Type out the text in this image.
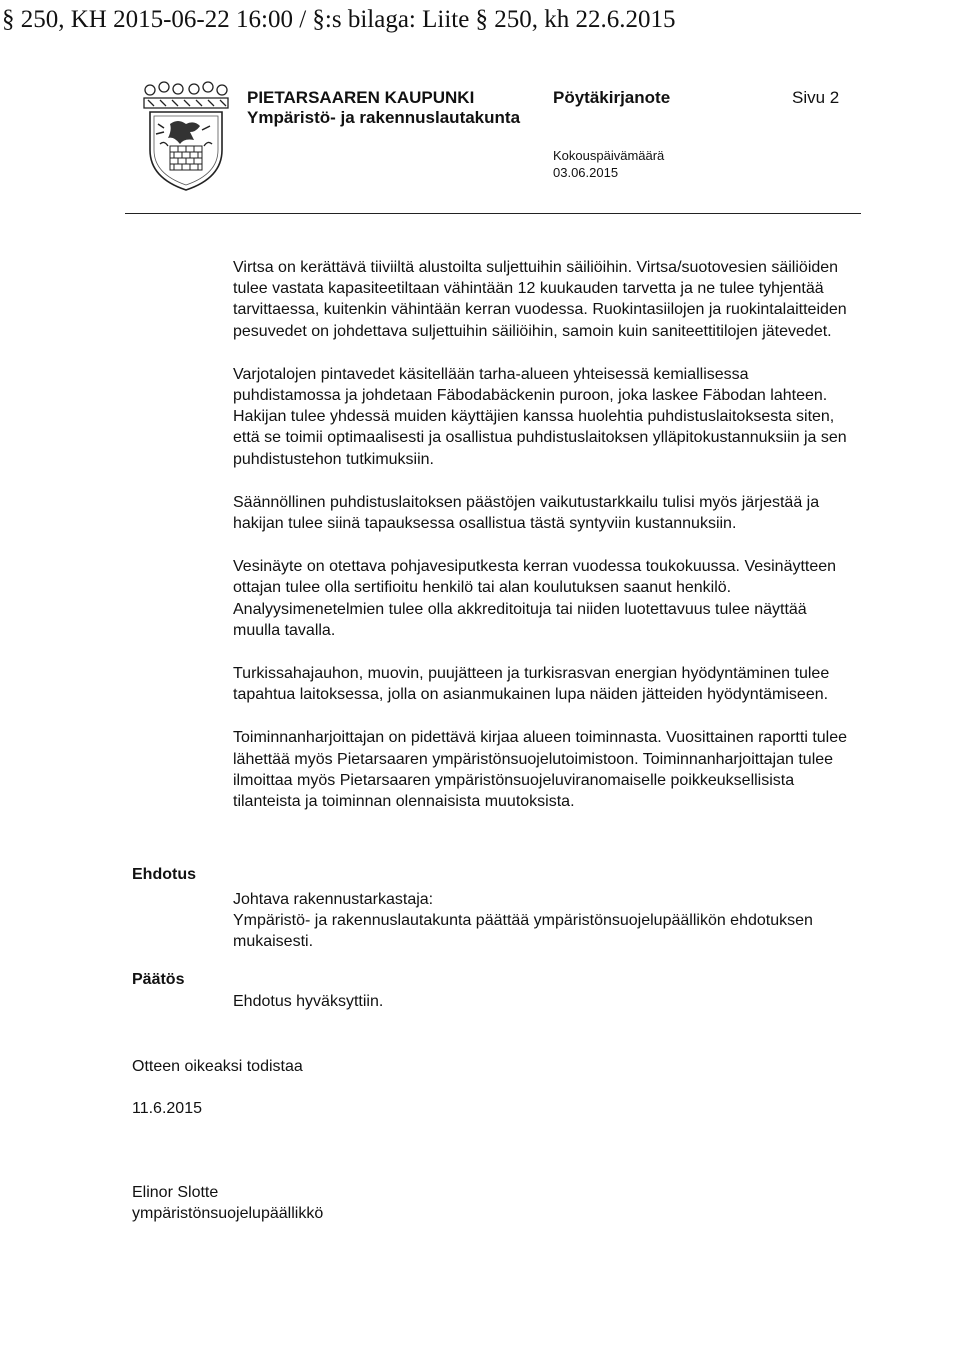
§ 250, KH 2015-06-22 16:00 / §:s bilaga: Liite § 250, kh 22.6.2015
PIETARSAAREN KAUPUNKI
Ympäristö- ja rakennuslautakunta
Pöytäkirjanote	Sivu 2
Kokouspäivämäärä
03.06.2015

Virtsa on kerättävä tiiviiltä alustoilta suljettuihin säiliöihin. Virtsa/suotovesien säiliöiden tulee vastata kapasiteetiltaan vähintään 12 kuukauden tarvetta ja ne tulee tyhjentää tarvittaessa, kuitenkin vähintään kerran vuodessa. Ruokintasiilojen ja ruokintalaitteiden pesuvedet on johdettava suljettuihin säiliöihin, samoin kuin saniteettitilojen jätevedet.

Varjotalojen pintavedet käsitellään tarha-alueen yhteisessä kemiallisessa puhdistamossa ja johdetaan Fäbodabäckenin puroon, joka laskee Fäbodan lahteen. Hakijan tulee yhdessä muiden käyttäjien kanssa huolehtia puhdistuslaitoksesta siten, että se toimii optimaalisesti ja osallistua puhdistuslaitoksen ylläpitokustannuksiin ja sen puhdistustehon tutkimuksiin.

Säännöllinen puhdistuslaitoksen päästöjen vaikutustarkkailu tulisi myös järjestää ja hakijan tulee siinä tapauksessa osallistua tästä syntyviin kustannuksiin.

Vesinäyte on otettava pohjavesiputkesta kerran vuodessa toukokuussa. Vesinäytteen ottajan tulee olla sertifioitu henkilö tai alan koulutuksen saanut henkilö. Analyysimenetelmien tulee olla akkreditoituja tai niiden luotettavuus tulee näyttää muulla tavalla.

Turkissahajauhon, muovin, puujätteen ja turkisrasvan energian hyödyntäminen tulee tapahtua laitoksessa, jolla on asianmukainen lupa näiden jätteiden hyödyntämiseen.

Toiminnanharjoittajan on pidettävä kirjaa alueen toiminnasta. Vuosittainen raportti tulee lähettää myös Pietarsaaren ympäristönsuojelutoimistoon. Toiminnanharjoittajan tulee ilmoittaa myös Pietarsaaren ympäristönsuojeluviranomaiselle poikkeuksellisista tilanteista ja toiminnan olennaisista muutoksista.

Ehdotus
Johtava rakennustarkastaja:
Ympäristö- ja rakennuslautakunta päättää ympäristönsuojelupäällikön ehdotuksen mukaisesti.
Päätös
Ehdotus hyväksyttiin.
Otteen oikeaksi todistaa
11.6.2015
Elinor Slotte
ympäristönsuojelupäällikkö
